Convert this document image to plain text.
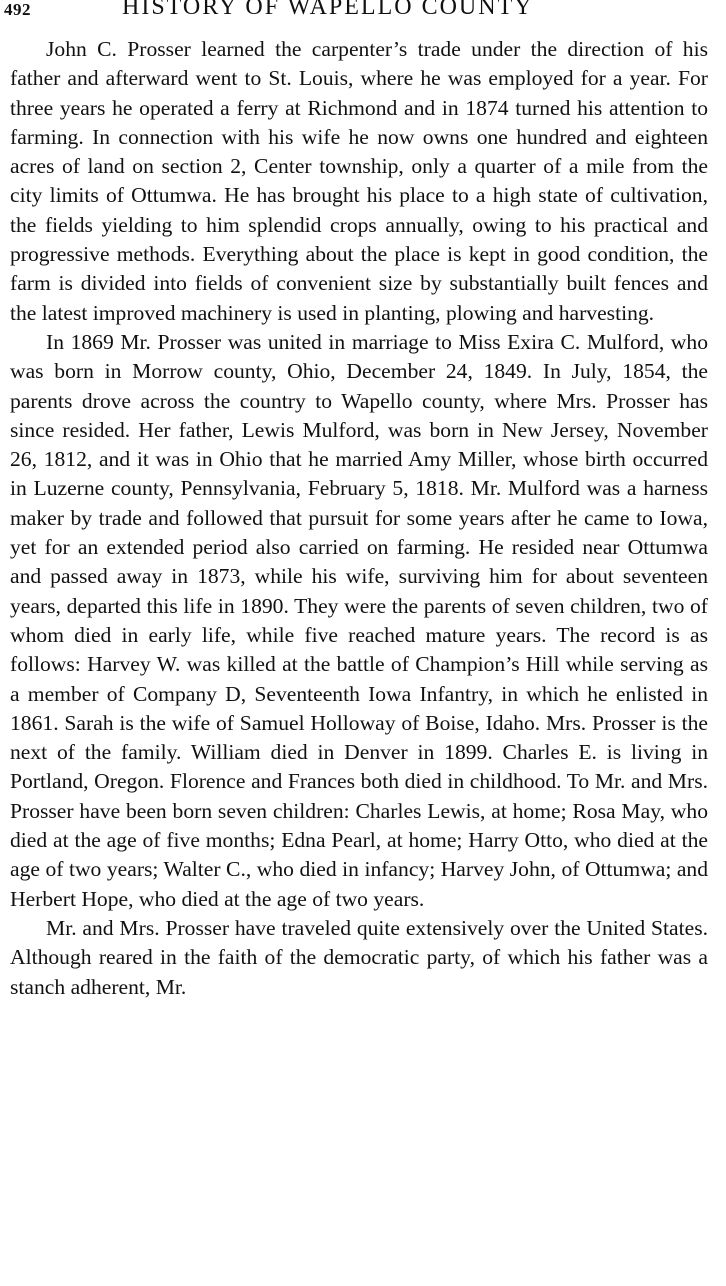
492	HISTORY OF WAPELLO COUNTY

John C. Prosser learned the carpenter’s trade under the direction of his father and afterward went to St. Louis, where he was employed for a year. For three years he operated a ferry at Richmond and in 1874 turned his attention to farming. In connection with his wife he now owns one hundred and eighteen acres of land on section 2, Center township, only a quarter of a mile from the city limits of Ottumwa. He has brought his place to a high state of cultivation, the fields yielding to him splendid crops annually, owing to his practical and progressive methods. Everything about the place is kept in good condition, the farm is divided into fields of convenient size by substantially built fences and the latest improved machinery is used in planting, plowing and harvesting.

In 1869 Mr. Prosser was united in marriage to Miss Exira C. Mulford, who was born in Morrow county, Ohio, December 24, 1849. In July, 1854, the parents drove across the country to Wapello county, where Mrs. Prosser has since resided. Her father, Lewis Mulford, was born in New Jersey, November 26, 1812, and it was in Ohio that he married Amy Miller, whose birth occurred in Luzerne county, Pennsylvania, February 5, 1818. Mr. Mulford was a harness maker by trade and followed that pursuit for some years after he came to Iowa, yet for an extended period also carried on farming. He resided near Ottumwa and passed away in 1873, while his wife, surviving him for about seventeen years, departed this life in 1890. They were the parents of seven children, two of whom died in early life, while five reached mature years. The record is as follows: Harvey W. was killed at the battle of Champion’s Hill while serving as a member of Company D, Seventeenth Iowa Infantry, in which he enlisted in 1861. Sarah is the wife of Samuel Holloway of Boise, Idaho. Mrs. Prosser is the next of the family. William died in Denver in 1899. Charles E. is living in Portland, Oregon. Florence and Frances both died in childhood. To Mr. and Mrs. Prosser have been born seven children: Charles Lewis, at home; Rosa May, who died at the age of five months; Edna Pearl, at home; Harry Otto, who died at the age of two years; Walter C., who died in infancy; Harvey John, of Ottumwa; and Herbert Hope, who died at the age of two years.

Mr. and Mrs. Prosser have traveled quite extensively over the United States. Although reared in the faith of the democratic party, of which his father was a stanch adherent, Mr.
